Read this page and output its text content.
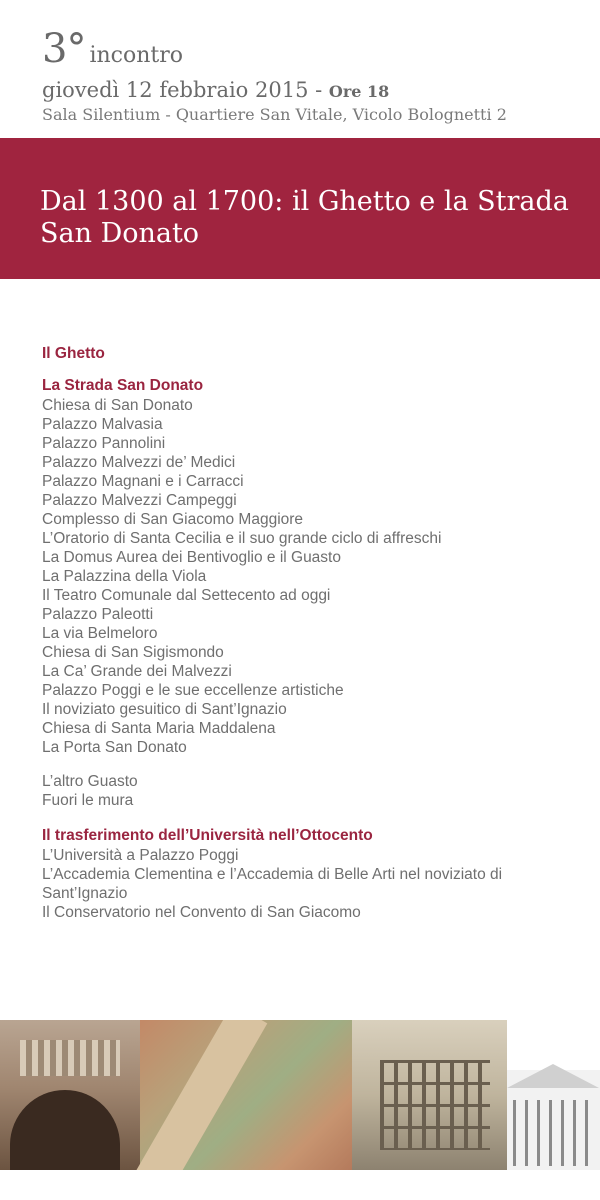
3° incontro
giovedì 12 febbraio 2015 - Ore 18
Sala Silentium - Quartiere San Vitale, Vicolo Bolognetti 2
Dal 1300 al 1700: il Ghetto e la Strada San Donato

Il Ghetto

La Strada San Donato

Chiesa di San Donato

Palazzo Malvasia

Palazzo Pannolini

Palazzo Malvezzi de’ Medici

Palazzo Magnani e i Carracci

Palazzo Malvezzi Campeggi

Complesso di San Giacomo Maggiore

L’Oratorio di Santa Cecilia e il suo grande ciclo di affreschi

La Domus Aurea dei Bentivoglio e il Guasto

La Palazzina della Viola

Il Teatro Comunale dal Settecento ad oggi

Palazzo Paleotti

La via Belmeloro

Chiesa di San Sigismondo

La Ca’ Grande dei Malvezzi

Palazzo Poggi e le sue eccellenze artistiche

Il noviziato gesuitico di Sant’Ignazio

Chiesa di Santa Maria Maddalena

La Porta San Donato

L’altro Guasto

Fuori le mura

Il trasferimento dell’Università nell’Ottocento

L’Università a Palazzo Poggi

L’Accademia Clementina e l’Accademia di Belle Arti nel noviziato di

Sant’Ignazio

Il Conservatorio nel Convento di San Giacomo
